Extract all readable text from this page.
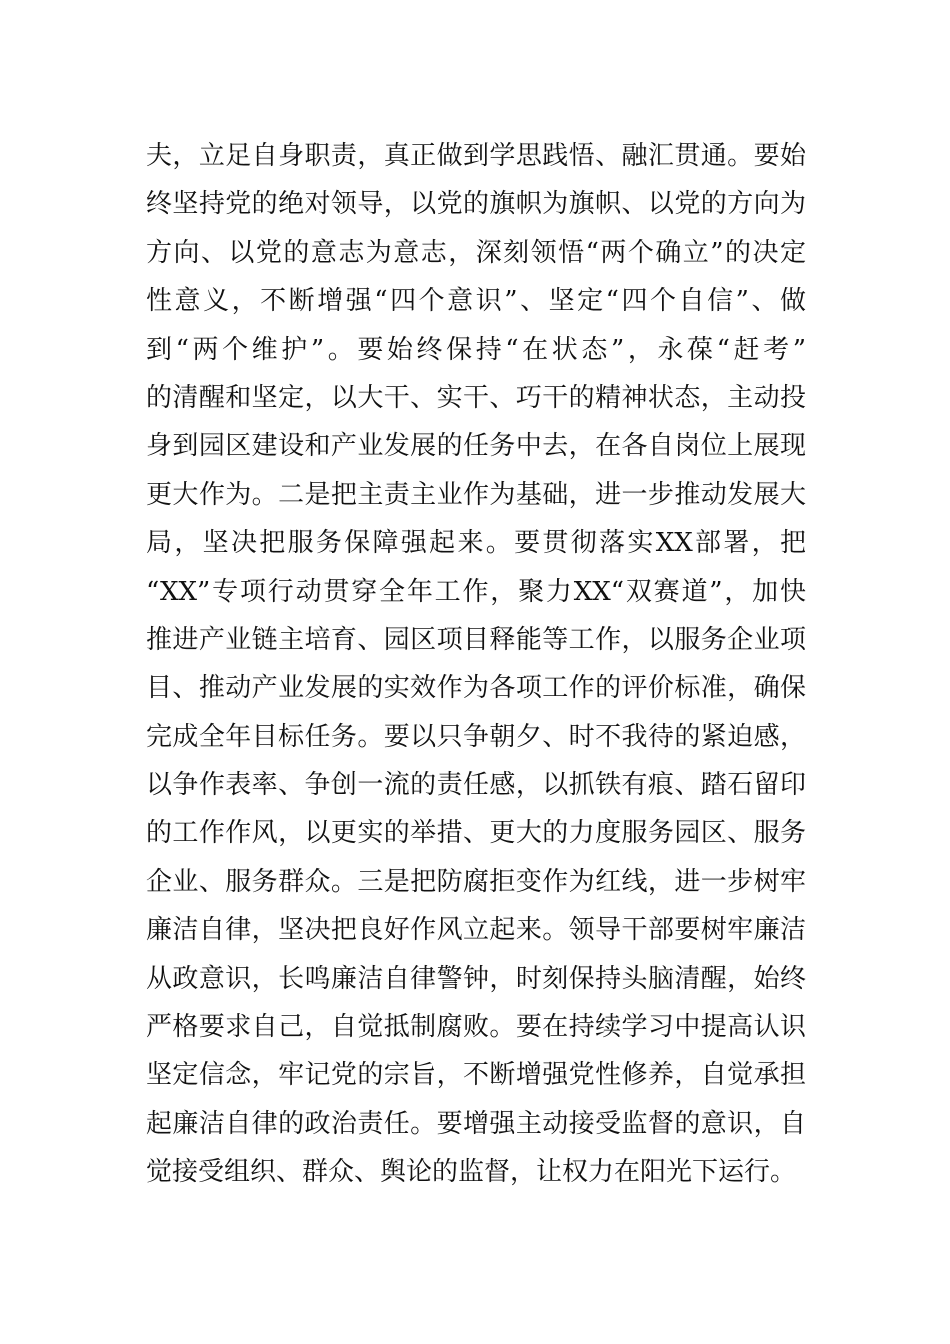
夫，立足自身职责，真正做到学思践悟、融汇贯通。要始
终坚持党的绝对领导，以党的旗帜为旗帜、以党的方向为
方向、以党的意志为意志，深刻领悟“两个确立”的决定
性意义，不断增强“四个意识”、坚定“四个自信”、做
到“两个维护”。要始终保持“在状态”，永葆“赶考”
的清醒和坚定，以大干、实干、巧干的精神状态，主动投
身到园区建设和产业发展的任务中去，在各自岗位上展现
更大作为。二是把主责主业作为基础，进一步推动发展大
局，坚决把服务保障强起来。要贯彻落实XX部署，把
“XX”专项行动贯穿全年工作，聚力XX“双赛道”，加快
推进产业链主培育、园区项目释能等工作，以服务企业项
目、推动产业发展的实效作为各项工作的评价标准，确保
完成全年目标任务。要以只争朝夕、时不我待的紧迫感，
以争作表率、争创一流的责任感，以抓铁有痕、踏石留印
的工作作风，以更实的举措、更大的力度服务园区、服务
企业、服务群众。三是把防腐拒变作为红线，进一步树牢
廉洁自律，坚决把良好作风立起来。领导干部要树牢廉洁
从政意识，长鸣廉洁自律警钟，时刻保持头脑清醒，始终
严格要求自己，自觉抵制腐败。要在持续学习中提高认识
坚定信念，牢记党的宗旨，不断增强党性修养，自觉承担
起廉洁自律的政治责任。要增强主动接受监督的意识，自
觉接受组织、群众、舆论的监督，让权力在阳光下运行。
